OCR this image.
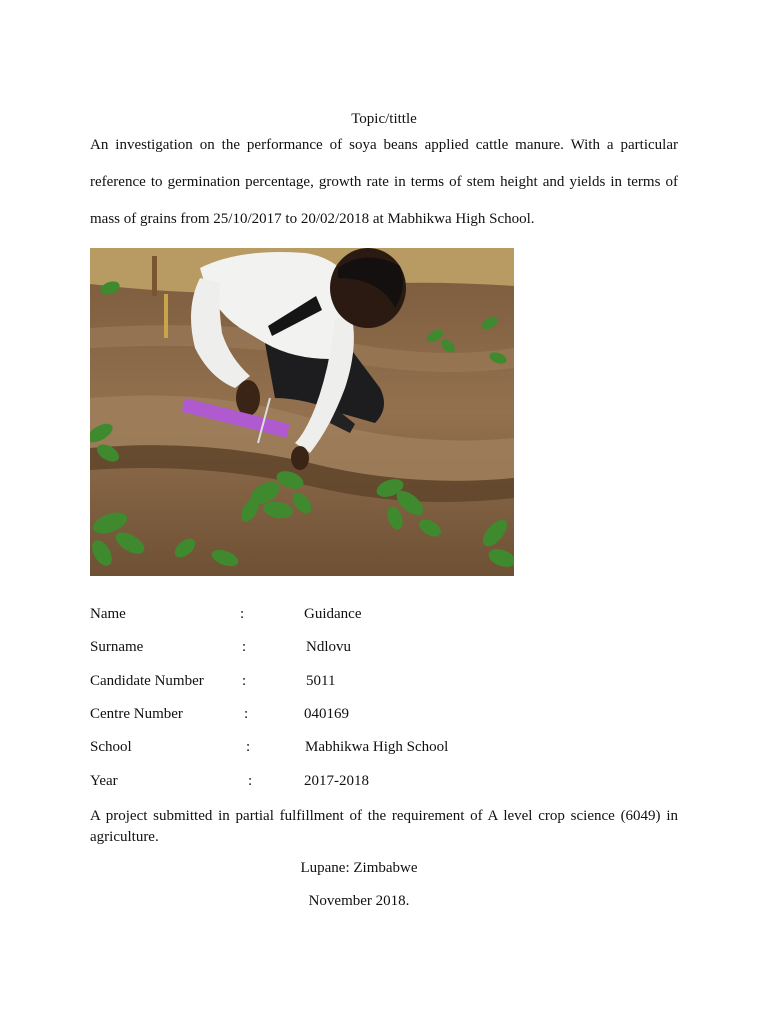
Topic/tittle
An investigation on the performance of soya beans applied cattle manure. With a particular reference to germination percentage, growth rate in terms of stem height and yields in terms of mass of grains from 25/10/2017 to 20/02/2018 at Mabhikwa High School.
Name	:	Guidance
Surname	:	Ndlovu
Candidate Number	:	5011
Centre Number	:	040169
School	:	Mabhikwa High School
Year	:	2017-2018
A project submitted in partial fulfillment of the requirement of A level crop science (6049) in agriculture.
Lupane: Zimbabwe
November 2018.
